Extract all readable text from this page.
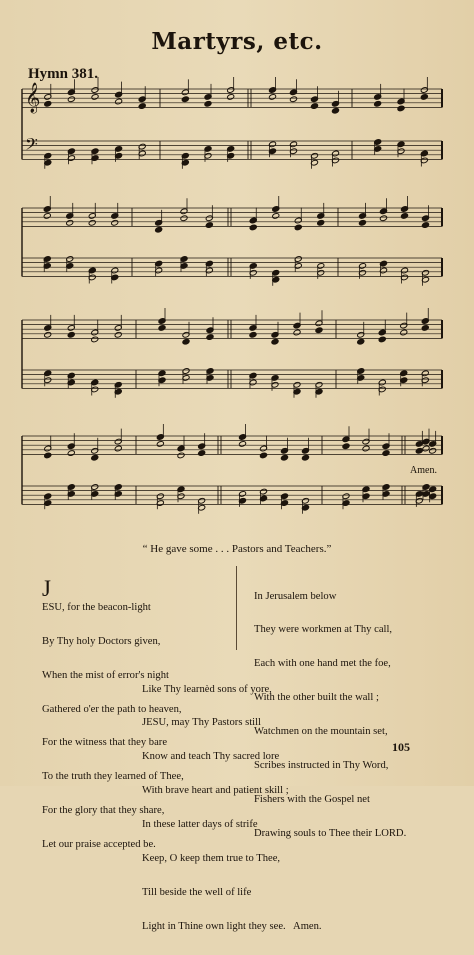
Martyrs, etc.
Hymn 381.
𝄞
𝄢
Amen.
“ He gave some . . . Pastors and Teachers.”

J

ESU, for the beacon-light

By Thy holy Doctors given,

When the mist of error's night

Gathered o'er the path to heaven,

For the witness that they bare

To the truth they learned of Thee,

For the glory that they share,

Let our praise accepted be.

In Jerusalem below

They were workmen at Thy call,

Each with one hand met the foe,

With the other built the wall ;

Watchmen on the mountain set,

Scribes instructed in Thy Word,

Fishers with the Gospel net

Drawing souls to Thee their LORD.

Like Thy learnèd sons of yore,

JESU, may Thy Pastors still

Know and teach Thy sacred lore

With brave heart and patient skill ;

In these latter days of strife

Keep, O keep them true to Thee,

Till beside the well of life

Light in Thine own light they see.   Amen.

105
